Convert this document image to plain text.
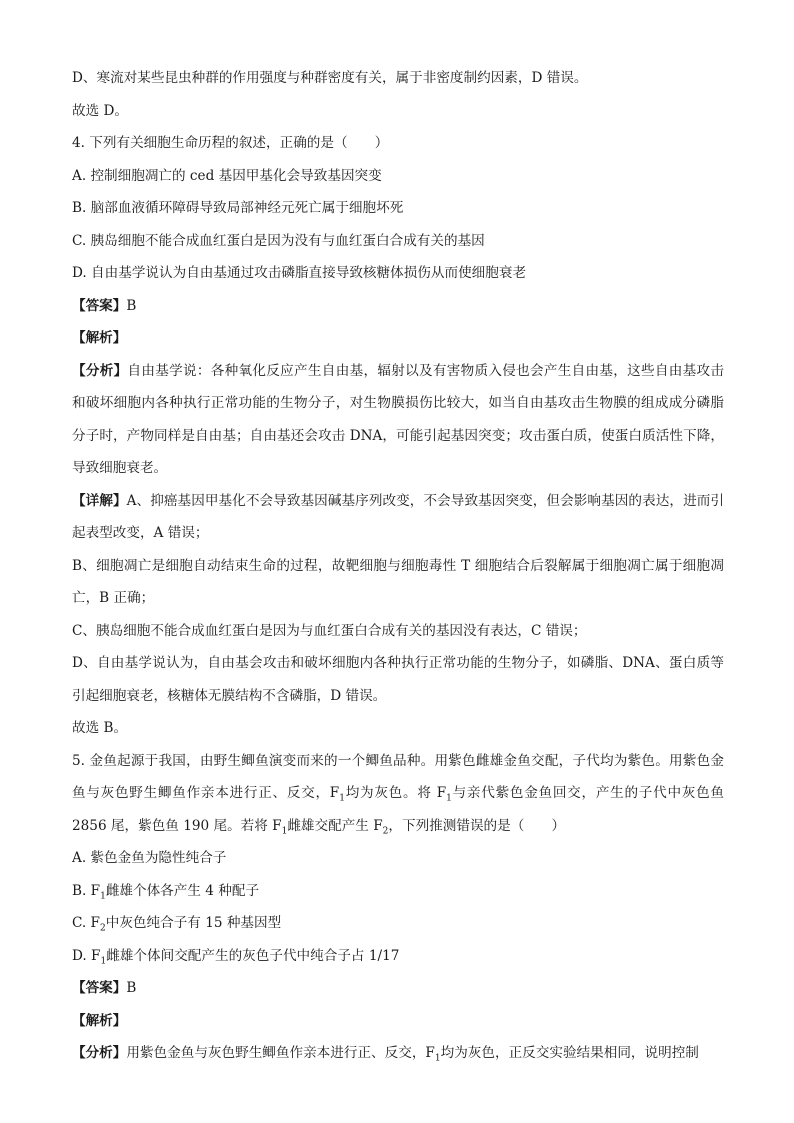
D、寒流对某些昆虫种群的作用强度与种群密度有关，属于非密度制约因素，D 错误。
故选 D。
4. 下列有关细胞生命历程的叙述，正确的是（　　）
A. 控制细胞凋亡的 ced 基因甲基化会导致基因突变
B. 脑部血液循环障碍导致局部神经元死亡属于细胞坏死
C. 胰岛细胞不能合成血红蛋白是因为没有与血红蛋白合成有关的基因
D. 自由基学说认为自由基通过攻击磷脂直接导致核糖体损伤从而使细胞衰老
【答案】B
【解析】
【分析】自由基学说：各种氧化反应产生自由基，辐射以及有害物质入侵也会产生自由基，这些自由基攻击和破坏细胞内各种执行正常功能的生物分子，对生物膜损伤比较大，如当自由基攻击生物膜的组成成分磷脂分子时，产物同样是自由基；自由基还会攻击 DNA，可能引起基因突变；攻击蛋白质，使蛋白质活性下降，导致细胞衰老。
【详解】A、抑癌基因甲基化不会导致基因碱基序列改变，不会导致基因突变，但会影响基因的表达，进而引起表型改变，A 错误；
B、细胞凋亡是细胞自动结束生命的过程，故靶细胞与细胞毒性 T 细胞结合后裂解属于细胞凋亡属于细胞凋亡，B 正确；
C、胰岛细胞不能合成血红蛋白是因为与血红蛋白合成有关的基因没有表达，C 错误；
D、自由基学说认为，自由基会攻击和破坏细胞内各种执行正常功能的生物分子，如磷脂、DNA、蛋白质等引起细胞衰老，核糖体无膜结构不含磷脂，D 错误。
故选 B。
5. 金鱼起源于我国，由野生鲫鱼演变而来的一个鲫鱼品种。用紫色雌雄金鱼交配，子代均为紫色。用紫色金鱼与灰色野生鲫鱼作亲本进行正、反交，$F_1$均为灰色。将 $F_1$与亲代紫色金鱼回交，产生的子代中灰色鱼 2856 尾，紫色鱼 190 尾。若将 $F_1$雌雄交配产生 $F_2$，下列推测错误的是（　　）
A. 紫色金鱼为隐性纯合子
B. $F_1$雌雄个体各产生 4 种配子
C. $F_2$中灰色纯合子有 15 种基因型
D. $F_1$雌雄个体间交配产生的灰色子代中纯合子占 1/17
【答案】B
【解析】
【分析】用紫色金鱼与灰色野生鲫鱼作亲本进行正、反交，$F_1$均为灰色，正反交实验结果相同，说明控制
